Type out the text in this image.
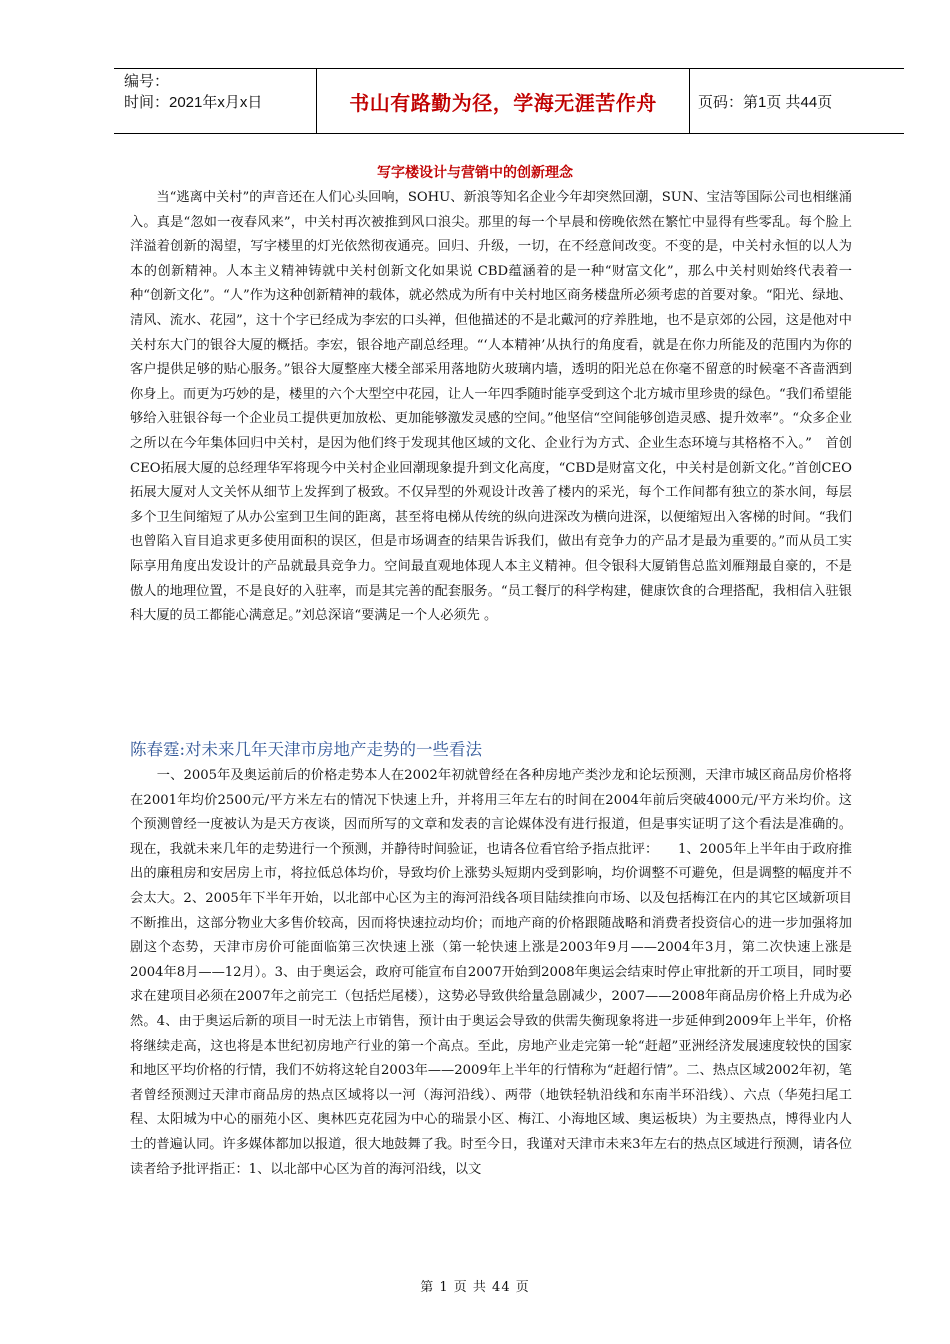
编号：
时间：2021年x月x日	书山有路勤为径，学海无涯苦作舟	页码：第1页 共44页
写字楼设计与营销中的创新理念

　　当“逃离中关村”的声音还在人们心头回响，SOHU、新浪等知名企业今年却突然回潮，SUN、宝洁等国际公司也相继涌入。真是“忽如一夜春风来”，中关村再次被推到风口浪尖。那里的每一个早晨和傍晚依然在繁忙中显得有些零乱。每个脸上洋溢着创新的渴望，写字楼里的灯光依然彻夜通亮。回归、升级，一切，在不经意间改变。不变的是，中关村永恒的以人为本的创新精神。人本主义精神铸就中关村创新文化如果说 CBD蕴涵着的是一种“财富文化”，那么中关村则始终代表着一种“创新文化”。“人”作为这种创新精神的载体，就必然成为所有中关村地区商务楼盘所必须考虑的首要对象。“阳光、绿地、清风、流水、花园”，这十个字已经成为李宏的口头禅，但他描述的不是北戴河的疗养胜地，也不是京郊的公园，这是他对中关村东大门的银谷大厦的概括。李宏，银谷地产副总经理。“‘人本精神’从执行的角度看，就是在你力所能及的范围内为你的客户提供足够的贴心服务。”银谷大厦整座大楼全部采用落地防火玻璃内墙，透明的阳光总在你毫不留意的时候毫不吝啬洒到你身上。而更为巧妙的是，楼里的六个大型空中花园，让人一年四季随时能享受到这个北方城市里珍贵的绿色。“我们希望能够给入驻银谷每一个企业员工提供更加放松、更加能够激发灵感的空间。”他坚信“空间能够创造灵感、提升效率”。“众多企业之所以在今年集体回归中关村，是因为他们终于发现其他区域的文化、企业行为方式、企业生态环境与其格格不入。”　首创CEO拓展大厦的总经理华军将现今中关村企业回潮现象提升到文化高度，“CBD是财富文化，中关村是创新文化。”首创CEO拓展大厦对人文关怀从细节上发挥到了极致。不仅异型的外观设计改善了楼内的采光，每个工作间都有独立的茶水间，每层多个卫生间缩短了从办公室到卫生间的距离，甚至将电梯从传统的纵向进深改为横向进深，以便缩短出入客梯的时间。“我们也曾陷入盲目追求更多使用面积的误区，但是市场调查的结果告诉我们，做出有竞争力的产品才是最为重要的。”而从员工实际享用角度出发设计的产品就最具竞争力。空间最直观地体现人本主义精神。但令银科大厦销售总监刘雁翔最自豪的，不是傲人的地理位置，不是良好的入驻率，而是其完善的配套服务。“员工餐厅的科学构建，健康饮食的合理搭配，我相信入驻银科大厦的员工都能心满意足。”刘总深谙“要满足一个人必须先 。

陈春霆:对未来几年天津市房地产走势的一些看法

　　一、2005年及奥运前后的价格走势本人在2002年初就曾经在各种房地产类沙龙和论坛预测，天津市城区商品房价格将在2001年均价2500元/平方米左右的情况下快速上升，并将用三年左右的时间在2004年前后突破4000元/平方米均价。这个预测曾经一度被认为是天方夜谈，因而所写的文章和发表的言论媒体没有进行报道，但是事实证明了这个看法是准确的。现在，我就未来几年的走势进行一个预测，并静待时间验证，也请各位看官给予指点批评：　　1、2005年上半年由于政府推出的廉租房和安居房上市，将拉低总体均价，导致均价上涨势头短期内受到影响，均价调整不可避免，但是调整的幅度并不会太大。2、2005年下半年开始，以北部中心区为主的海河沿线各项目陆续推向市场、以及包括梅江在内的其它区域新项目不断推出，这部分物业大多售价较高，因而将快速拉动均价；而地产商的价格跟随战略和消费者投资信心的进一步加强将加剧这个态势，天津市房价可能面临第三次快速上涨（第一轮快速上涨是2003年9月——2004年3月，第二次快速上涨是2004年8月——12月）。3、由于奥运会，政府可能宣布自2007开始到2008年奥运会结束时停止审批新的开工项目，同时要求在建项目必须在2007年之前完工（包括烂尾楼），这势必导致供给量急剧减少，2007——2008年商品房价格上升成为必然。4、由于奥运后新的项目一时无法上市销售，预计由于奥运会导致的供需失衡现象将进一步延伸到2009年上半年，价格将继续走高，这也将是本世纪初房地产行业的第一个高点。至此，房地产业走完第一轮“赶超”亚洲经济发展速度较快的国家和地区平均价格的行情，我们不妨将这轮自2003年——2009年上半年的行情称为“赶超行情”。二、热点区域2002年初，笔者曾经预测过天津市商品房的热点区域将以一河（海河沿线）、两带（地铁轻轨沿线和东南半环沿线）、六点（华苑扫尾工程、太阳城为中心的丽苑小区、奥林匹克花园为中心的瑞景小区、梅江、小海地区域、奥运板块）为主要热点，博得业内人士的普遍认同。许多媒体都加以报道，很大地鼓舞了我。时至今日，我谨对天津市未来3年左右的热点区域进行预测，请各位读者给予批评指正：1、以北部中心区为首的海河沿线，以文

第 1 页 共 44 页
